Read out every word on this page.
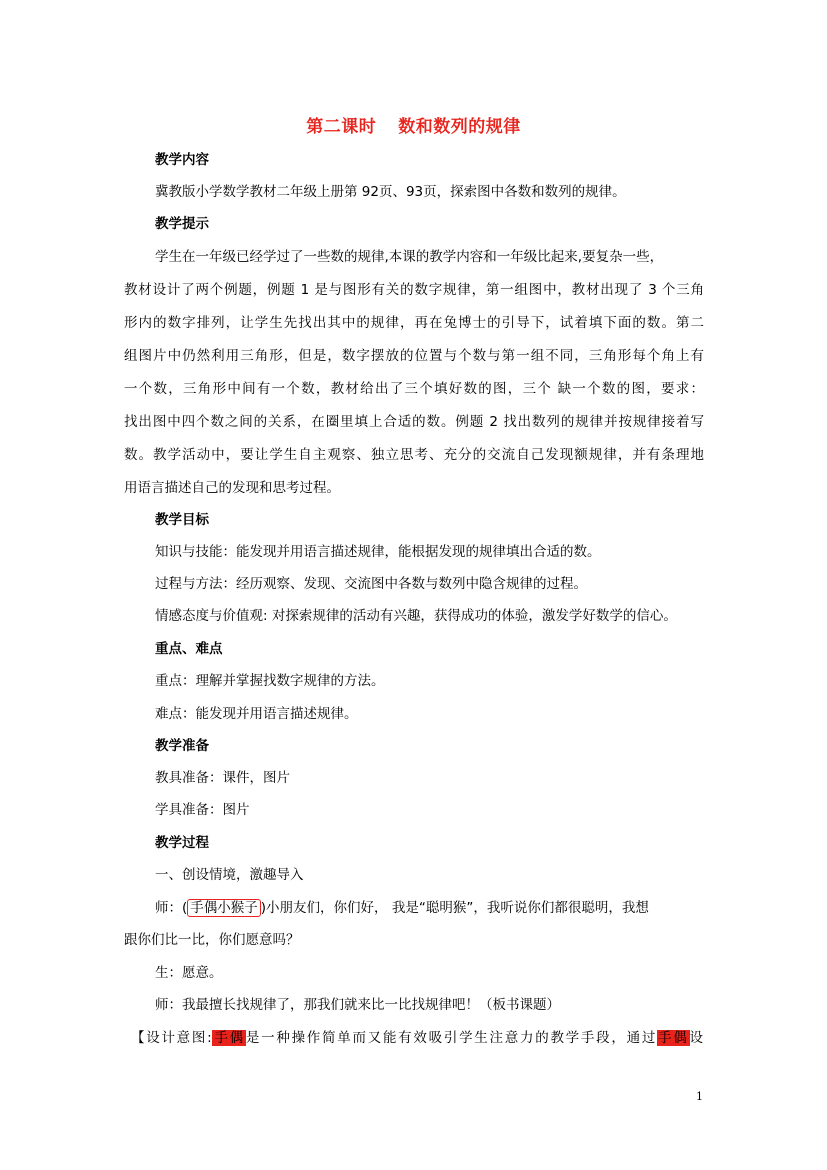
第二课时 数和数列的规律
教学内容
冀教版小学数学教材二年级上册第 92页、93页，探索图中各数和数列的规律。
教学提示
学生在一年级已经学过了一些数的规律,本课的教学内容和一年级比起来,要复杂一些，
教材设计了两个例题，例题 1 是与图形有关的数字规律，第一组图中，教材出现了 3 个三角
形内的数字排列，让学生先找出其中的规律，再在兔博士的引导下，试着填下面的数。第二
组图片中仍然利用三角形，但是，数字摆放的位置与个数与第一组不同，三角形每个角上有
一个数，三角形中间有一个数，教材给出了三个填好数的图，三个 缺一个数的图，要求：
找出图中四个数之间的关系，在圈里填上合适的数。例题 2 找出数列的规律并按规律接着写
数。教学活动中，要让学生自主观察、独立思考、充分的交流自己发现额规律，并有条理地
用语言描述自己的发现和思考过程。
教学目标
知识与技能：能发现并用语言描述规律，能根据发现的规律填出合适的数。
过程与方法：经历观察、发现、交流图中各数与数列中隐含规律的过程。
情感态度与价值观: 对探索规律的活动有兴趣，获得成功的体验，激发学好数学的信心。
重点、难点
重点：理解并掌握找数字规律的方法。
难点：能发现并用语言描述规律。
教学准备
教具准备：课件，图片
学具准备：图片
教学过程
一、创设情境，激趣导入
师：( 手偶小猴子 )小朋友们，你们好， 我是“聪明猴”，我听说你们都很聪明，我想
跟你们比一比，你们愿意吗？
生：愿意。
师：我最擅长找规律了，那我们就来比一比找规律吧！（板书课题）
【设计意图:手偶是一种操作简单而又能有效吸引学生注意力的教学手段，通过手偶设
1
